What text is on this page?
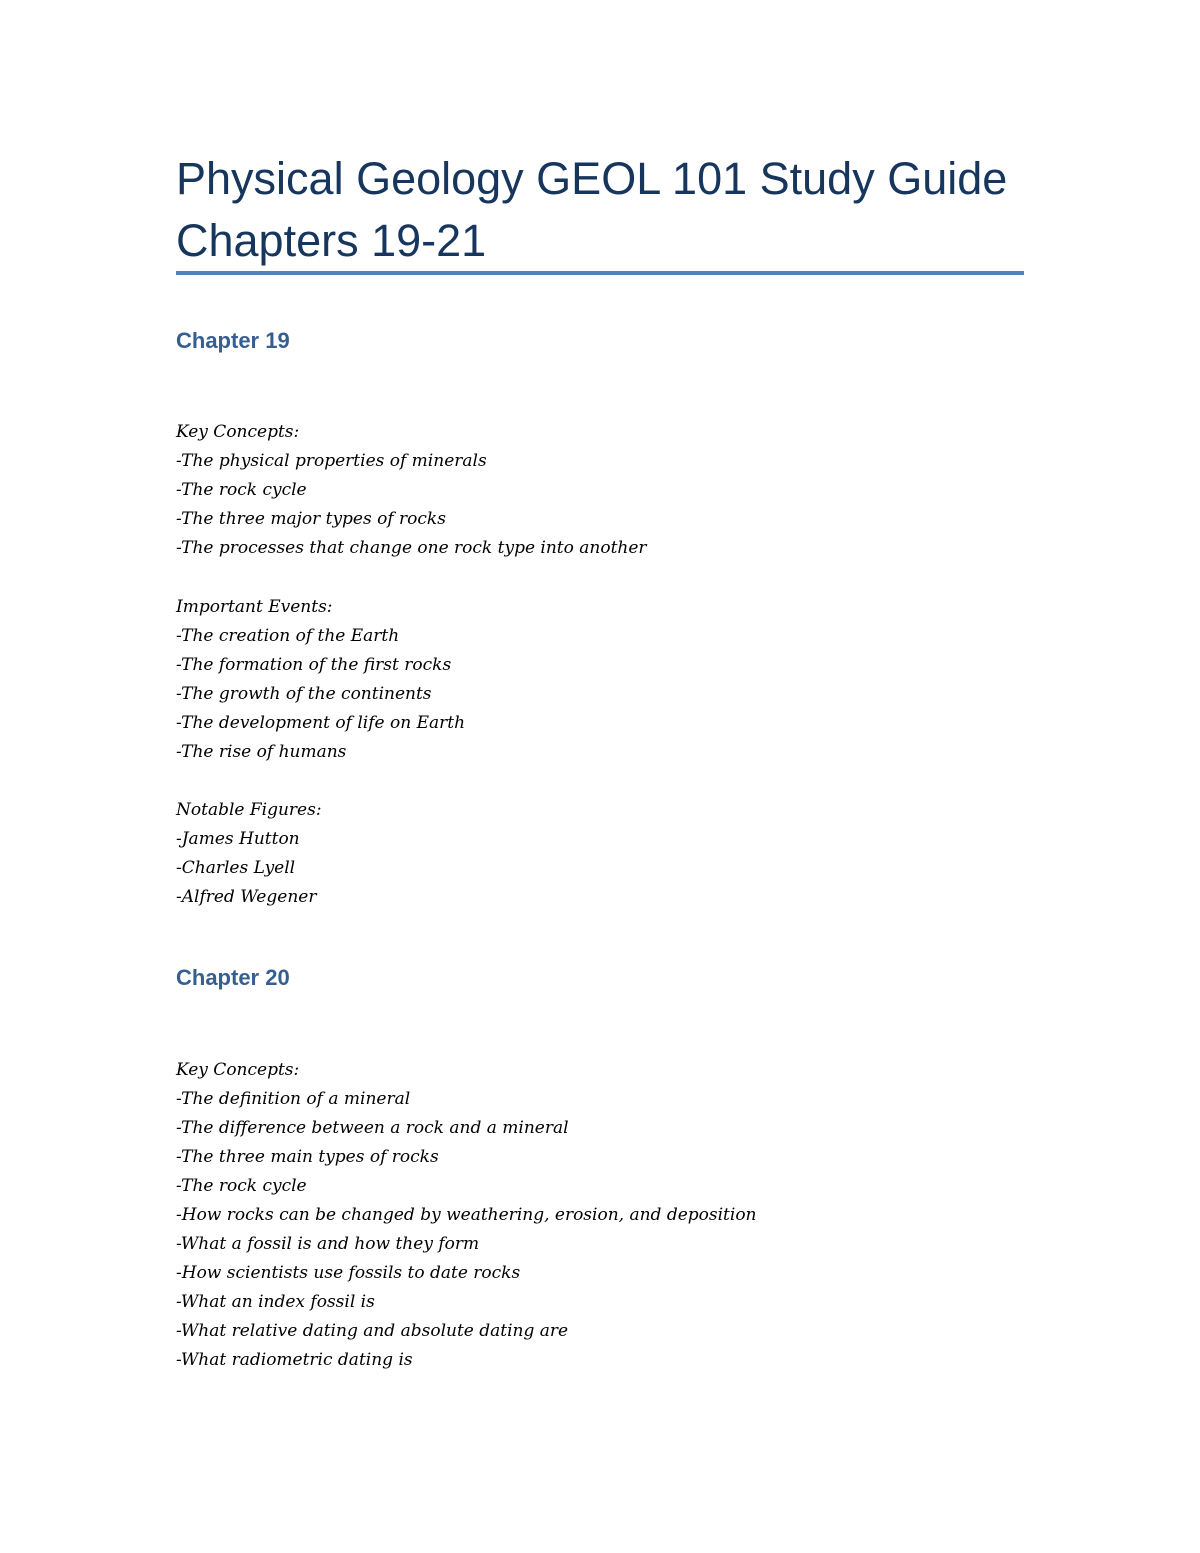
Physical Geology GEOL 101 Study Guide
Chapters 19-21
Chapter 19
Key Concepts:
-The physical properties of minerals
-The rock cycle
-The three major types of rocks
-The processes that change one rock type into another
Important Events:
-The creation of the Earth
-The formation of the first rocks
-The growth of the continents
-The development of life on Earth
-The rise of humans
Notable Figures:
-James Hutton
-Charles Lyell
-Alfred Wegener
Chapter 20
Key Concepts:
-The definition of a mineral
-The difference between a rock and a mineral
-The three main types of rocks
-The rock cycle
-How rocks can be changed by weathering, erosion, and deposition
-What a fossil is and how they form
-How scientists use fossils to date rocks
-What an index fossil is
-What relative dating and absolute dating are
-What radiometric dating is
